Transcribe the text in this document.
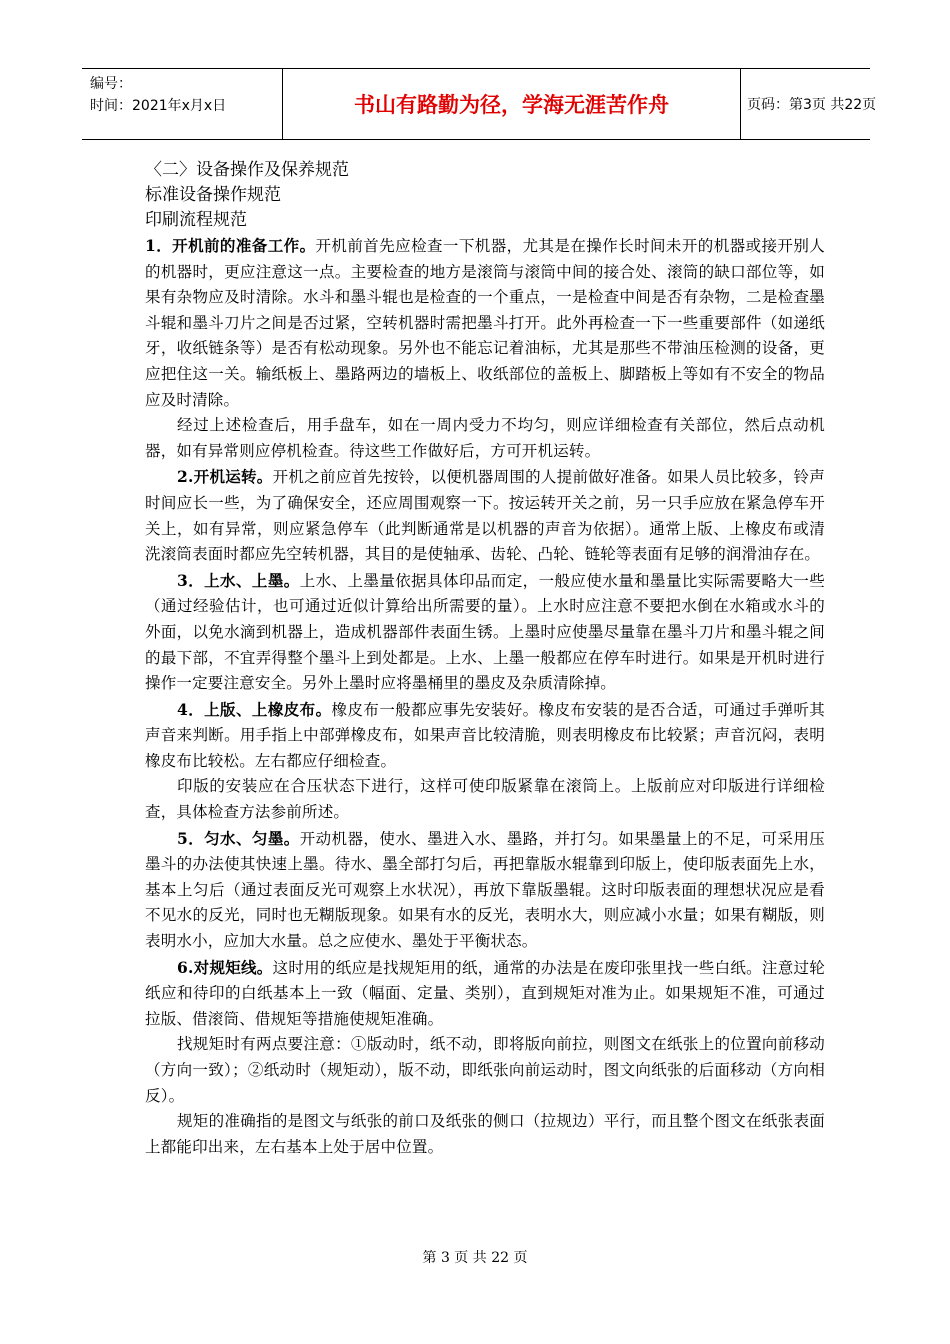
编号：
时间：2021年x月x日	书山有路勤为径，学海无涯苦作舟	页码：第3页 共22页

〈二〉设备操作及保养规范

标准设备操作规范

印刷流程规范

1．开机前的准备工作。开机前首先应检查一下机器，尤其是在操作长时间未开的机器或接开别人的机器时，更应注意这一点。主要检查的地方是滚筒与滚筒中间的接合处、滚筒的缺口部位等，如果有杂物应及时清除。水斗和墨斗辊也是检查的一个重点，一是检查中间是否有杂物，二是检查墨斗辊和墨斗刀片之间是否过紧，空转机器时需把墨斗打开。此外再检查一下一些重要部件（如递纸牙，收纸链条等）是否有松动现象。另外也不能忘记着油标，尤其是那些不带油压检测的设备，更应把住这一关。输纸板上、墨路两边的墙板上、收纸部位的盖板上、脚踏板上等如有不安全的物品应及时清除。

经过上述检查后，用手盘车，如在一周内受力不均匀，则应详细检查有关部位，然后点动机器，如有异常则应停机检查。待这些工作做好后，方可开机运转。

2.开机运转。开机之前应首先按铃，以便机器周围的人提前做好准备。如果人员比较多，铃声时间应长一些，为了确保安全，还应周围观察一下。按运转开关之前，另一只手应放在紧急停车开关上，如有异常，则应紧急停车（此判断通常是以机器的声音为依据）。通常上版、上橡皮布或清洗滚筒表面时都应先空转机器，其目的是使轴承、齿轮、凸轮、链轮等表面有足够的润滑油存在。

3．上水、上墨。上水、上墨量依据具体印品而定，一般应使水量和墨量比实际需要略大一些（通过经验估计，也可通过近似计算给出所需要的量）。上水时应注意不要把水倒在水箱或水斗的外面，以免水滴到机器上，造成机器部件表面生锈。上墨时应使墨尽量靠在墨斗刀片和墨斗辊之间的最下部，不宜弄得整个墨斗上到处都是。上水、上墨一般都应在停车时进行。如果是开机时进行操作一定要注意安全。另外上墨时应将墨桶里的墨皮及杂质清除掉。

4．上版、上橡皮布。橡皮布一般都应事先安装好。橡皮布安装的是否合适，可通过手弹听其声音来判断。用手指上中部弹橡皮布，如果声音比较清脆，则表明橡皮布比较紧；声音沉闷，表明橡皮布比较松。左右都应仔细检查。

印版的安装应在合压状态下进行，这样可使印版紧靠在滚筒上。上版前应对印版进行详细检查，具体检查方法参前所述。

5．匀水、匀墨。开动机器，使水、墨进入水、墨路，并打匀。如果墨量上的不足，可采用压墨斗的办法使其快速上墨。待水、墨全部打匀后，再把靠版水辊靠到印版上，使印版表面先上水，基本上匀后（通过表面反光可观察上水状况），再放下靠版墨辊。这时印版表面的理想状况应是看不见水的反光，同时也无糊版现象。如果有水的反光，表明水大，则应减小水量；如果有糊版，则表明水小，应加大水量。总之应使水、墨处于平衡状态。

6.对规矩线。这时用的纸应是找规矩用的纸，通常的办法是在废印张里找一些白纸。注意过轮纸应和待印的白纸基本上一致（幅面、定量、类别），直到规矩对准为止。如果规矩不准，可通过拉版、借滚筒、借规矩等措施使规矩准确。

找规矩时有两点要注意：①版动时，纸不动，即将版向前拉，则图文在纸张上的位置向前移动（方向一致）；②纸动时（规矩动），版不动，即纸张向前运动时，图文向纸张的后面移动（方向相反）。

规矩的准确指的是图文与纸张的前口及纸张的侧口（拉规边）平行，而且整个图文在纸张表面上都能印出来，左右基本上处于居中位置。

第 3 页 共 22 页
